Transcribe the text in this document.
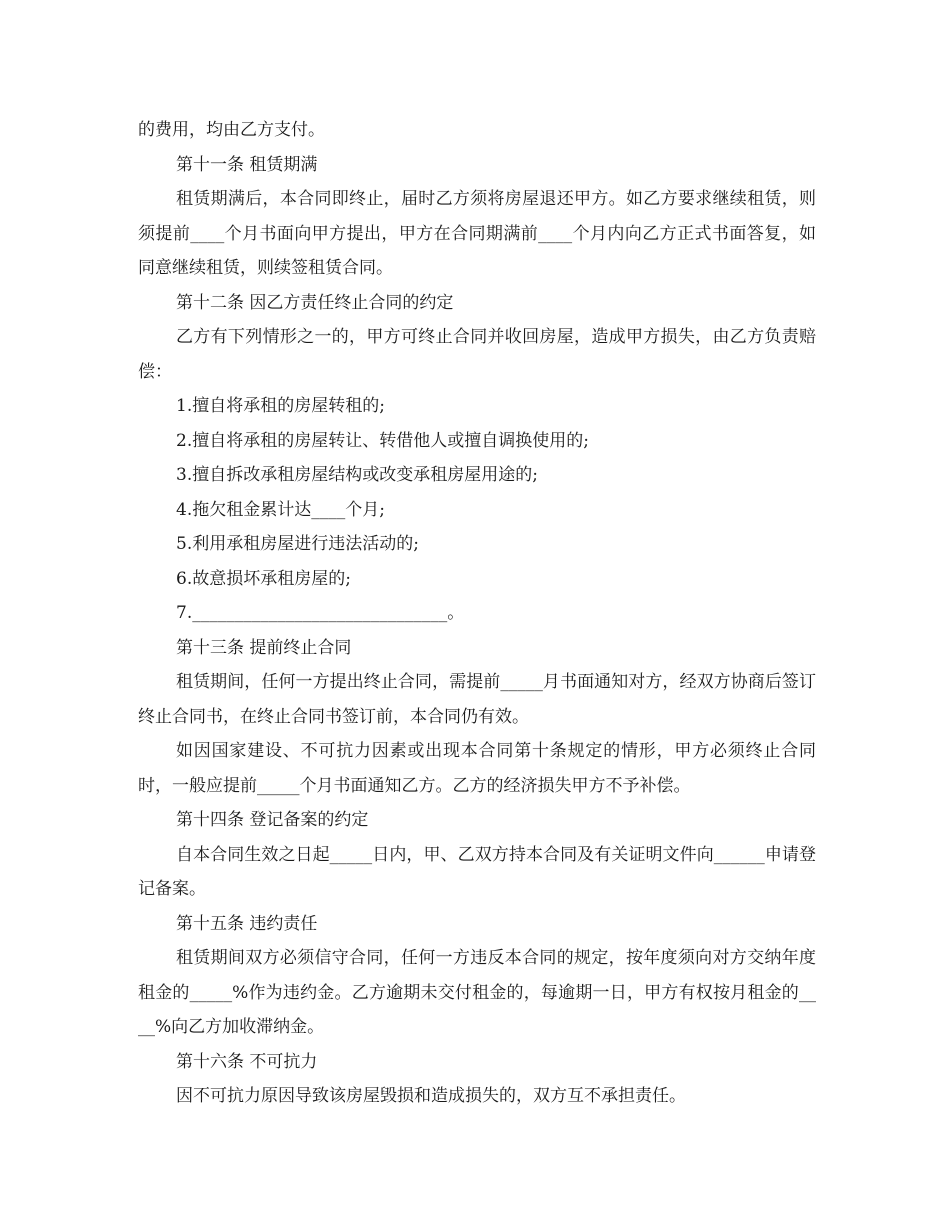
的费用，均由乙方支付。

第十一条 租赁期满

租赁期满后，本合同即终止，届时乙方须将房屋退还甲方。如乙方要求继续租赁，则须提前____个月书面向甲方提出，甲方在合同期满前____个月内向乙方正式书面答复，如同意继续租赁，则续签租赁合同。

第十二条 因乙方责任终止合同的约定

乙方有下列情形之一的，甲方可终止合同并收回房屋，造成甲方损失，由乙方负责赔偿：

1.擅自将承租的房屋转租的;

2.擅自将承租的房屋转让、转借他人或擅自调换使用的;

3.擅自拆改承租房屋结构或改变承租房屋用途的;

4.拖欠租金累计达____个月;

5.利用承租房屋进行违法活动的;

6.故意损坏承租房屋的;

7.______________________________。

第十三条 提前终止合同

租赁期间，任何一方提出终止合同，需提前_____月书面通知对方，经双方协商后签订终止合同书，在终止合同书签订前，本合同仍有效。

如因国家建设、不可抗力因素或出现本合同第十条规定的情形，甲方必须终止合同时，一般应提前_____个月书面通知乙方。乙方的经济损失甲方不予补偿。

第十四条 登记备案的约定

自本合同生效之日起_____日内，甲、乙双方持本合同及有关证明文件向______申请登记备案。

第十五条 违约责任

租赁期间双方必须信守合同，任何一方违反本合同的规定，按年度须向对方交纳年度租金的_____%作为违约金。乙方逾期未交付租金的，每逾期一日，甲方有权按月租金的____%向乙方加收滞纳金。

第十六条 不可抗力

因不可抗力原因导致该房屋毁损和造成损失的，双方互不承担责任。
